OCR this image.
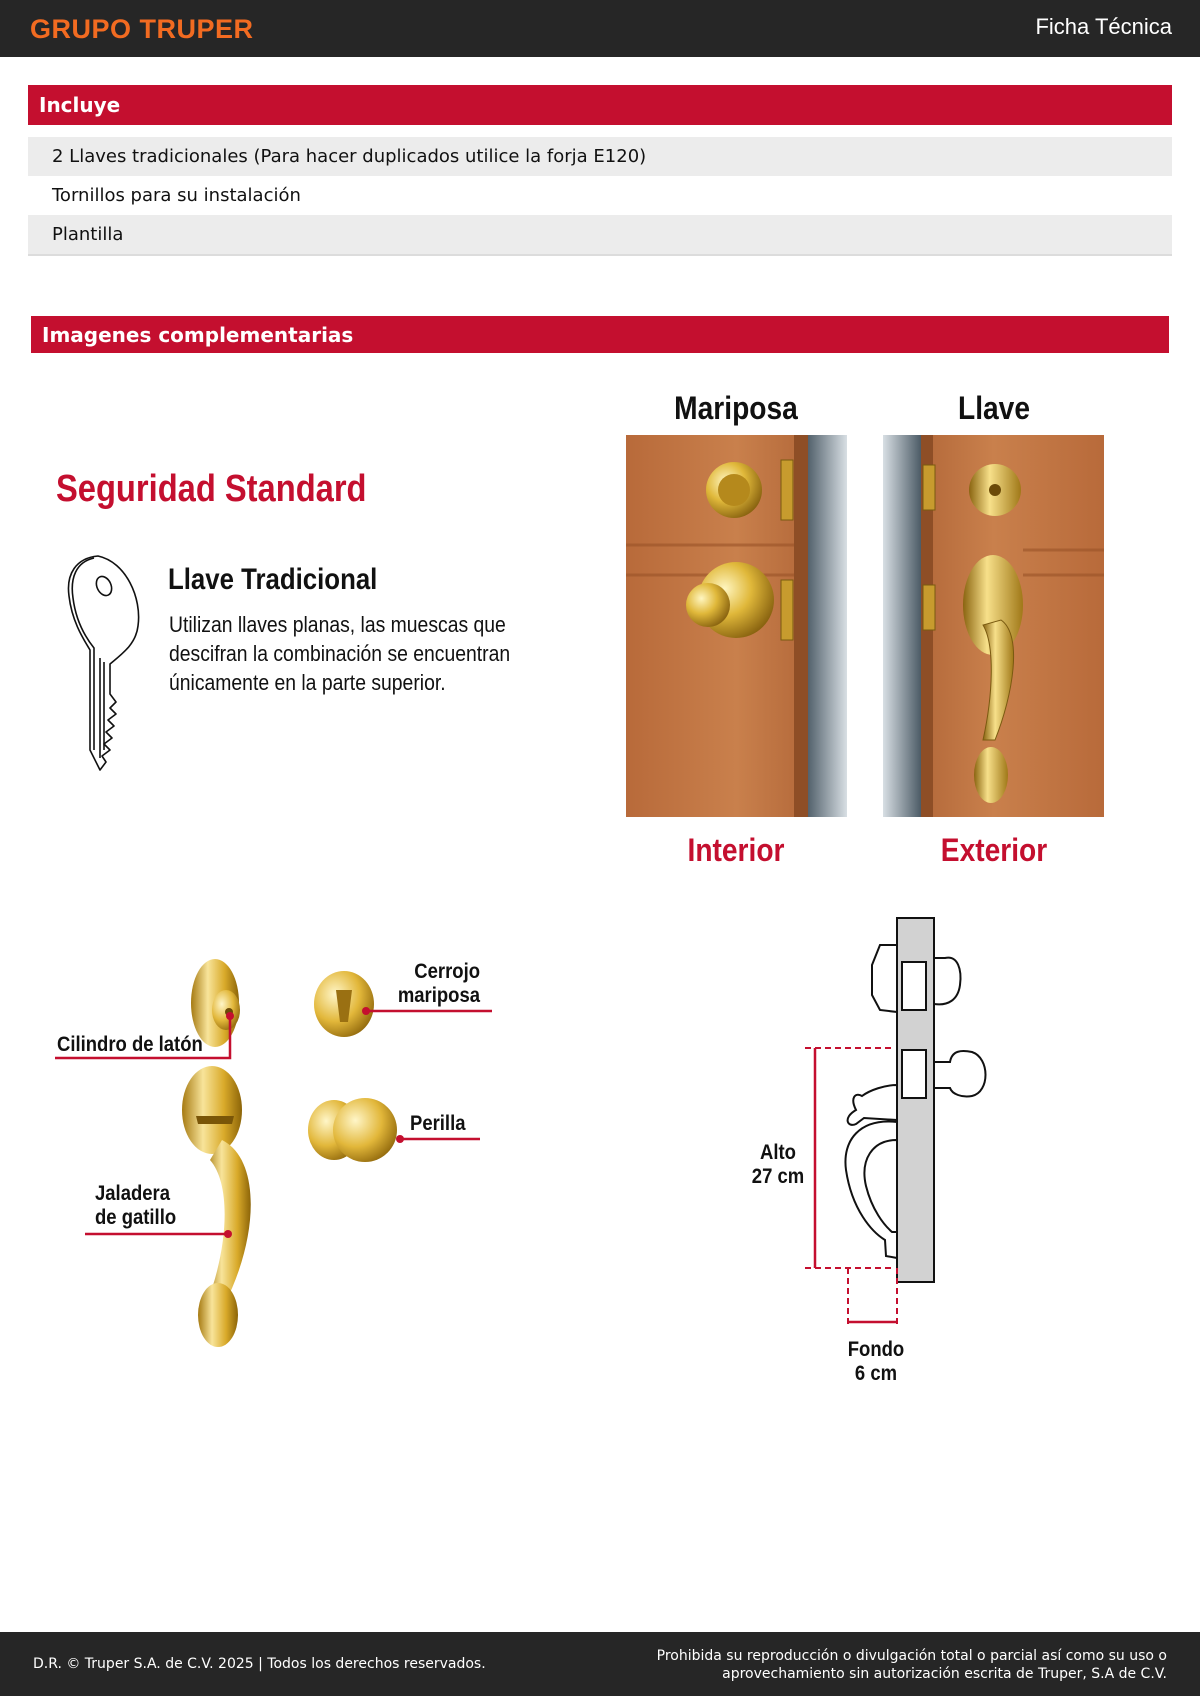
GRUPO TRUPER	Ficha Técnica
Incluye
2 Llaves tradicionales (Para hacer duplicados utilice la forja E120)
Tornillos para su instalación
Plantilla
Imagenes complementarias
Seguridad Standard
Llave Tradicional
Utilizan llaves planas, las muescas que descifran la combinación se encuentran únicamente en la parte superior.
Mariposa	Llave
Interior	Exterior
Cilindro de latón
Cerrojo
mariposa
Perilla
Jaladera
de gatillo
Alto
27 cm
Fondo
6 cm
D.R. © Truper S.A. de C.V. 2025 | Todos los derechos reservados.	Prohibida su reproducción o divulgación total o parcial así como su uso o
aprovechamiento sin autorización escrita de Truper, S.A de C.V.
